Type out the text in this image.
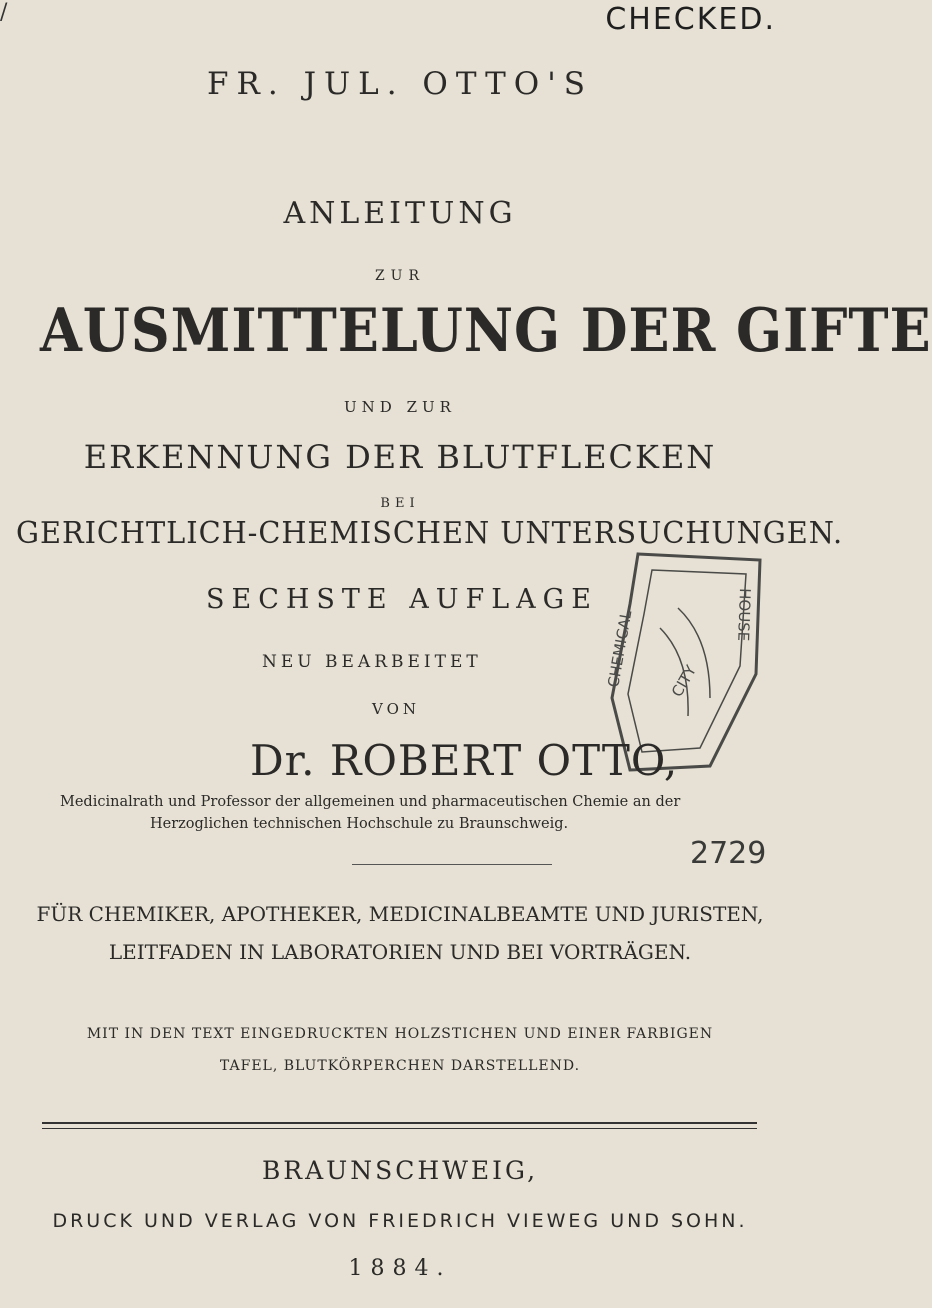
/	CHECKED.
FR. JUL. OTTO'S
ANLEITUNG
ZUR
AUSMITTELUNG DER GIFTE
UND ZUR
ERKENNUNG DER BLUTFLECKEN
BEI
GERICHTLICH-CHEMISCHEN UNTERSUCHUNGEN.
CHEMICAL	HOUSE
CITY
SECHSTE AUFLAGE
NEU BEARBEITET
VON
Dr. ROBERT OTTO,
Medicinalrath und Professor der allgemeinen und pharmaceutischen Chemie an der
Herzoglichen technischen Hochschule zu Braunschweig.
2729
FÜR CHEMIKER, APOTHEKER, MEDICINALBEAMTE UND JURISTEN,
LEITFADEN IN LABORATORIEN UND BEI VORTRÄGEN.
MIT IN DEN TEXT EINGEDRUCKTEN HOLZSTICHEN UND EINER FARBIGEN
TAFEL, BLUTKÖRPERCHEN DARSTELLEND.
BRAUNSCHWEIG,
DRUCK UND VERLAG VON FRIEDRICH VIEWEG UND SOHN.
1884.
